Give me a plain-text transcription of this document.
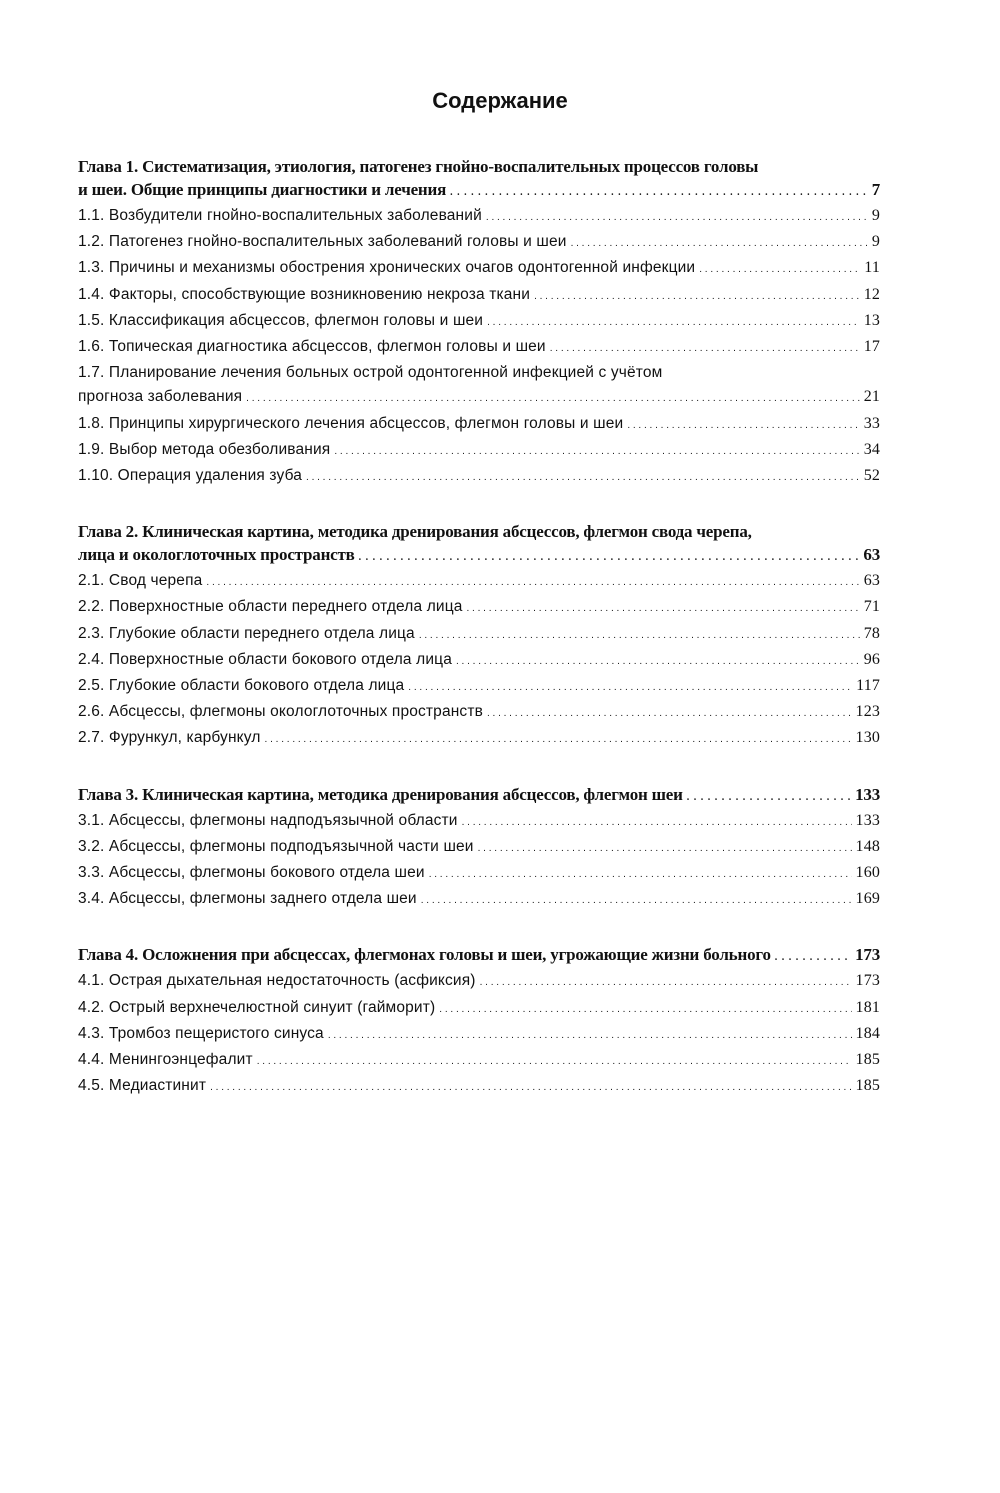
Содержание
Глава 1. Систематизация, этиология, патогенез гнойно-воспалительных процессов головы
и шеи. Общие принципы диагностики и лечения . . .	7
1.1. Возбудители гнойно-воспалительных заболеваний . . .	9
1.2. Патогенез гнойно-воспалительных заболеваний головы и шеи . . .	9
1.3. Причины и механизмы обострения хронических очагов одонтогенной инфекции . . .	11
1.4. Факторы, способствующие возникновению некроза ткани . . .	12
1.5. Классификация абсцессов, флегмон головы и шеи . . .	13
1.6. Топическая диагностика абсцессов, флегмон головы и шеи . . .	17
1.7. Планирование лечения больных острой одонтогенной инфекцией с учётом
прогноза заболевания . . .	21
1.8. Принципы хирургического лечения абсцессов, флегмон головы и шеи . . .	33
1.9. Выбор метода обезболивания . . .	34
1.10. Операция удаления зуба . . .	52
Глава 2. Клиническая картина, методика дренирования абсцессов, флегмон свода черепа,
лица и окологлоточных пространств . . .	63
2.1. Свод черепа . . .	63
2.2. Поверхностные области переднего отдела лица . . .	71
2.3. Глубокие области переднего отдела лица . . .	78
2.4. Поверхностные области бокового отдела лица . . .	96
2.5. Глубокие области бокового отдела лица . . .	117
2.6. Абсцессы, флегмоны окологлоточных пространств . . .	123
2.7. Фурункул, карбункул . . .	130
Глава 3. Клиническая картина, методика дренирования абсцессов, флегмон шеи . . .	133
3.1. Абсцессы, флегмоны надподъязычной области . . .	133
3.2. Абсцессы, флегмоны подподъязычной части шеи . . .	148
3.3. Абсцессы, флегмоны бокового отдела шеи . . .	160
3.4. Абсцессы, флегмоны заднего отдела шеи . . .	169
Глава 4. Осложнения при абсцессах, флегмонах головы и шеи, угрожающие жизни больного . . .	173
4.1. Острая дыхательная недостаточность (асфиксия) . . .	173
4.2. Острый верхнечелюстной синуит (гайморит) . . .	181
4.3. Тромбоз пещеристого синуса . . .	184
4.4. Менингоэнцефалит . . .	185
4.5. Медиастинит . . .	185
